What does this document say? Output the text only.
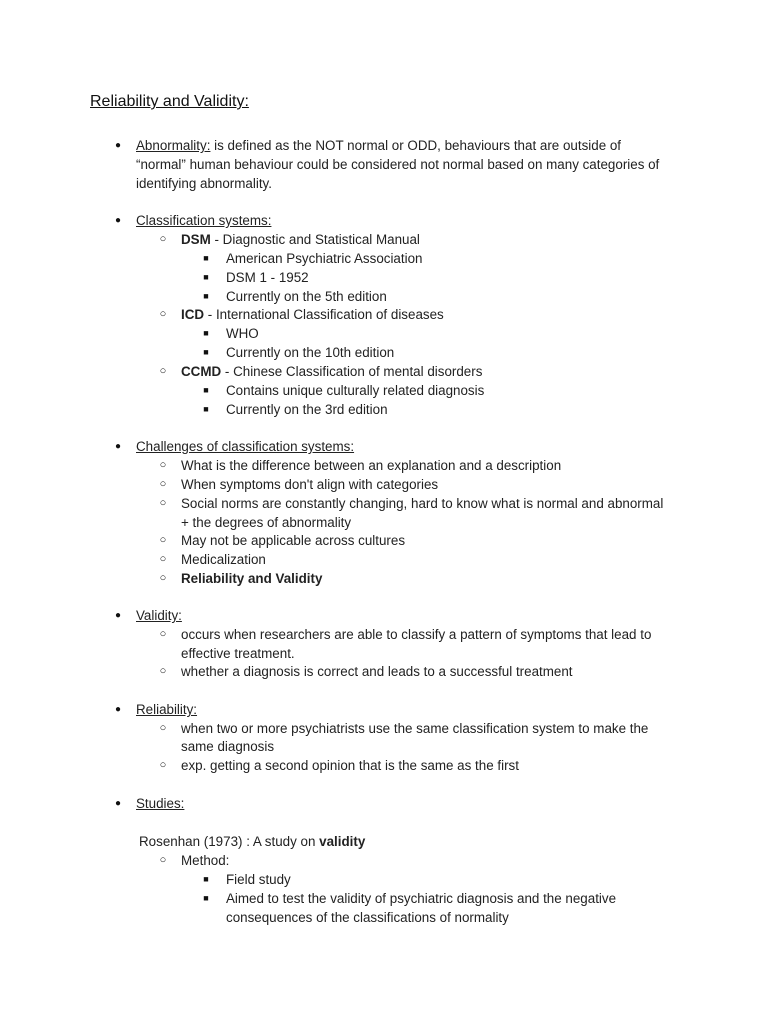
Reliability and Validity:
● Abnormality: is defined as the NOT normal or ODD, behaviours that are outside of
“normal” human behaviour could be considered not normal based on many categories of
identifying abnormality.
● Classification systems:
○ DSM - Diagnostic and Statistical Manual
■ American Psychiatric Association
■ DSM 1 - 1952
■ Currently on the 5th edition
○ ICD - International Classification of diseases
■ WHO
■ Currently on the 10th edition
○ CCMD - Chinese Classification of mental disorders
■ Contains unique culturally related diagnosis
■ Currently on the 3rd edition
● Challenges of classification systems:
○ What is the difference between an explanation and a description
○ When symptoms don't align with categories
○ Social norms are constantly changing, hard to know what is normal and abnormal
+ the degrees of abnormality
○ May not be applicable across cultures
○ Medicalization
○ Reliability and Validity
● Validity:
○ occurs when researchers are able to classify a pattern of symptoms that lead to
effective treatment.
○ whether a diagnosis is correct and leads to a successful treatment
● Reliability:
○ when two or more psychiatrists use the same classification system to make the
same diagnosis
○ exp. getting a second opinion that is the same as the first
● Studies:
Rosenhan (1973) : A study on validity
○ Method:
■ Field study
■ Aimed to test the validity of psychiatric diagnosis and the negative
consequences of the classifications of normality
